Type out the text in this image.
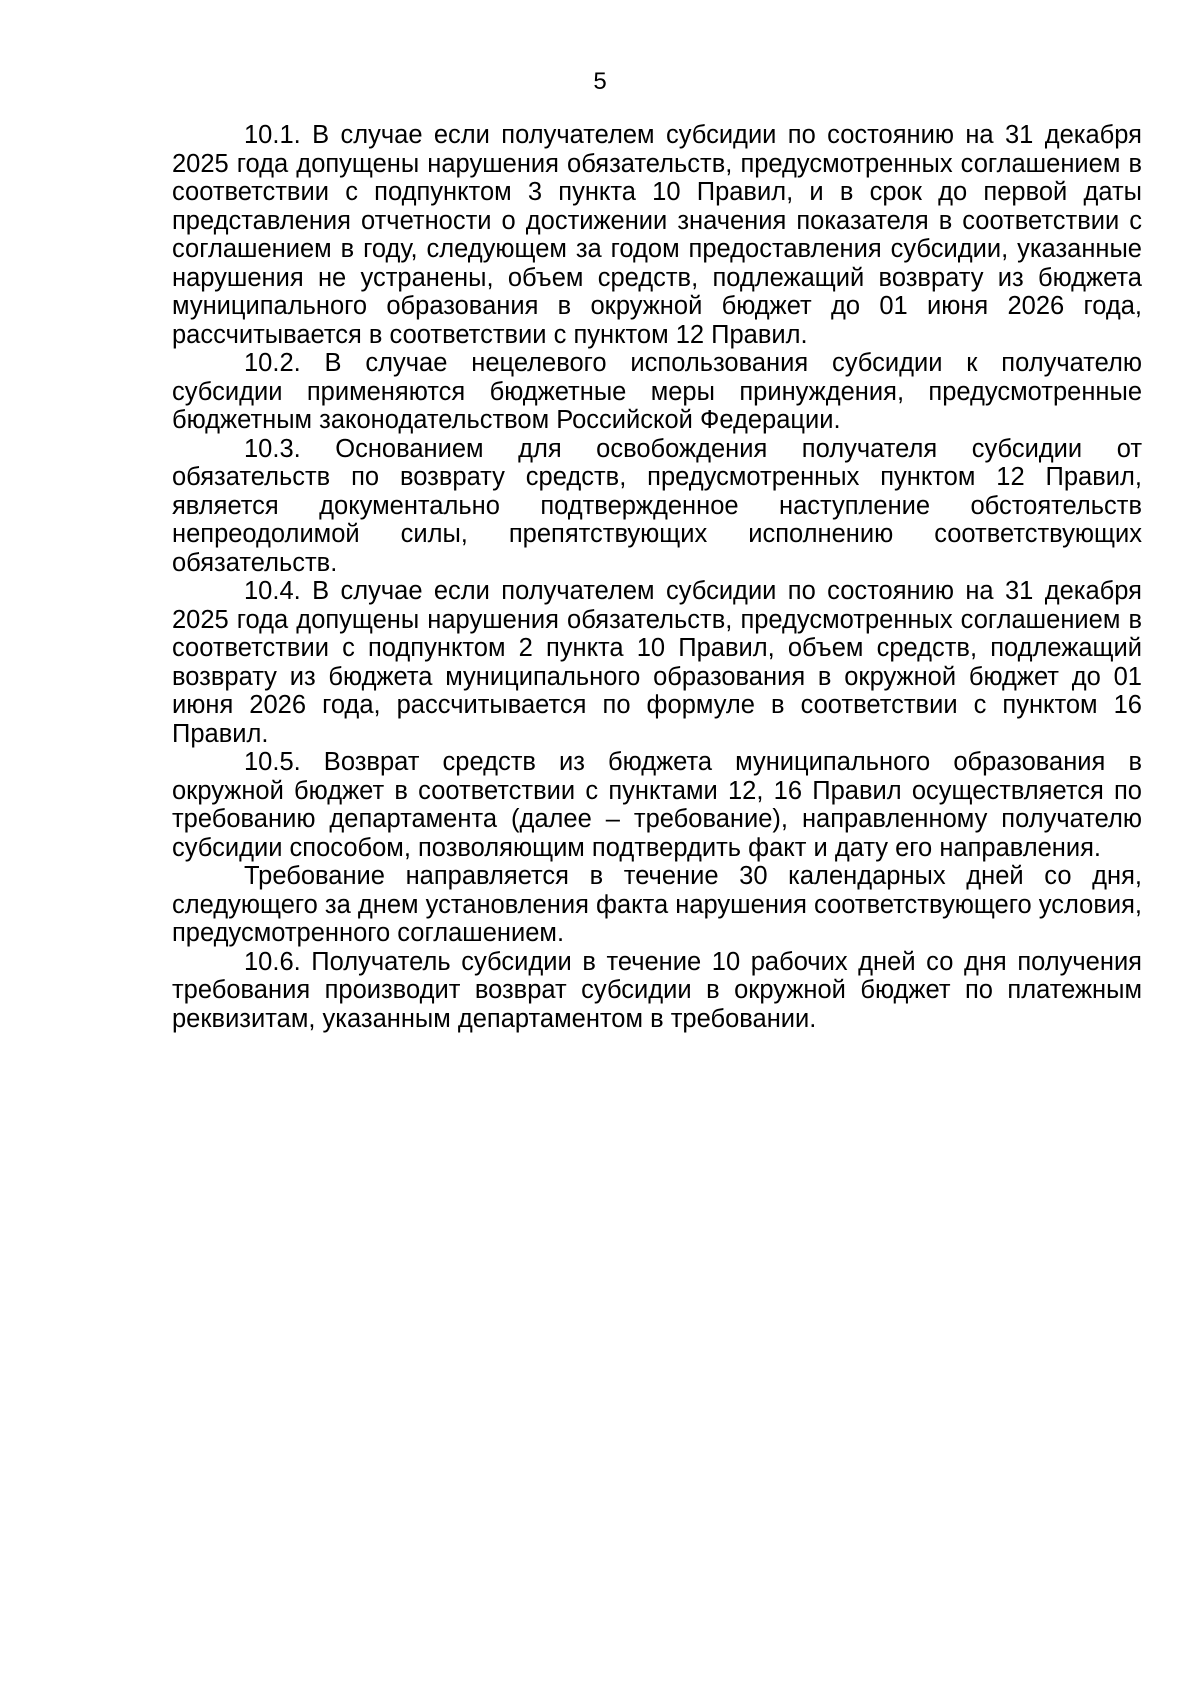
5

10.1. В случае если получателем субсидии по состоянию на 31 декабря 2025 года допущены нарушения обязательств, предусмотренных соглашением в соответствии с подпунктом 3 пункта 10 Правил, и в срок до первой даты представления отчетности о достижении значения показателя в соответствии с соглашением в году, следующем за годом предоставления субсидии, указанные нарушения не устранены, объем средств, подлежащий возврату из бюджета муниципального образования в окружной бюджет до 01 июня 2026 года, рассчитывается в соответствии с пунктом 12 Правил.

10.2. В случае нецелевого использования субсидии к получателю субсидии применяются бюджетные меры принуждения, предусмотренные бюджетным законодательством Российской Федерации.

10.3. Основанием для освобождения получателя субсидии от обязательств по возврату средств, предусмотренных пунктом 12 Правил, является документально подтвержденное наступление обстоятельств непреодолимой силы, препятствующих исполнению соответствующих обязательств.

10.4. В случае если получателем субсидии по состоянию на 31 декабря 2025 года допущены нарушения обязательств, предусмотренных соглашением в соответствии с подпунктом 2 пункта 10 Правил, объем средств, подлежащий возврату из бюджета муниципального образования в окружной бюджет до 01 июня 2026 года, рассчитывается по формуле в соответствии с пунктом 16 Правил.

10.5. Возврат средств из бюджета муниципального образования в окружной бюджет в соответствии с пунктами 12, 16 Правил осуществляется по требованию департамента (далее – требование), направленному получателю субсидии способом, позволяющим подтвердить факт и дату его направления.

Требование направляется в течение 30 календарных дней со дня, следующего за днем установления факта нарушения соответствующего условия, предусмотренного соглашением.

10.6. Получатель субсидии в течение 10 рабочих дней со дня получения требования производит возврат субсидии в окружной бюджет по платежным реквизитам, указанным департаментом в требовании.
